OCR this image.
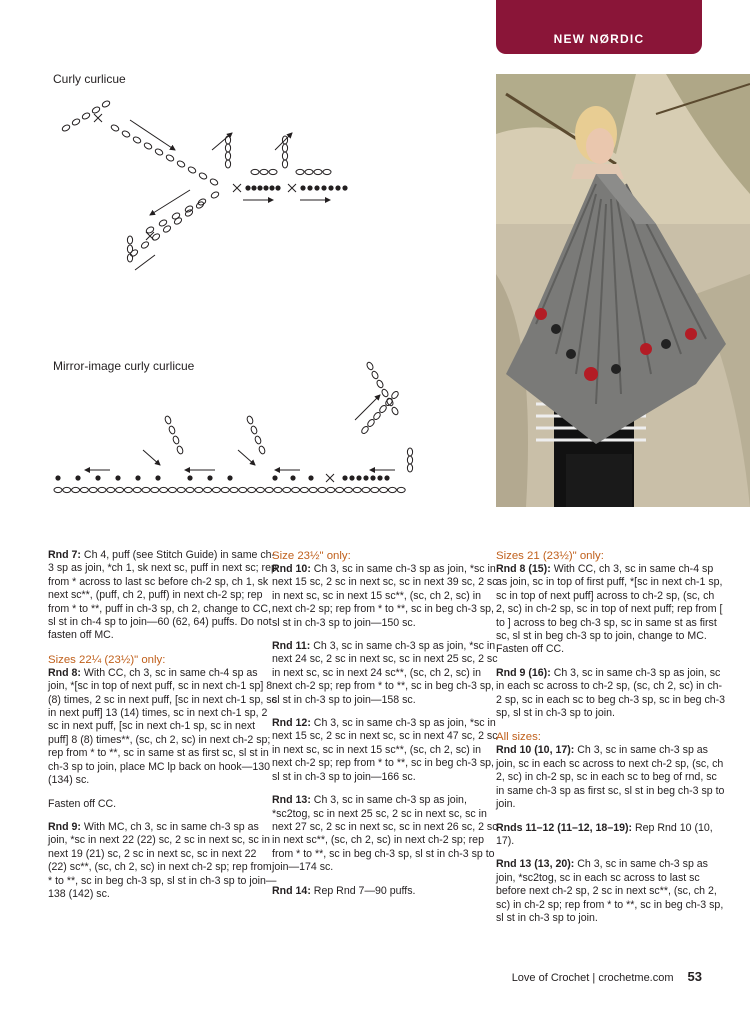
NEW NØRDIC
Curly curlicue
Mirror-image curly curlicue

Rnd 7: Ch 4, puff (see Stitch Guide) in same ch-3 sp as join, *ch 1, sk next sc, puff in next sc; rep from * across to last sc before ch-2 sp, ch 1, sk next sc**, (puff, ch 2, puff) in next ch-2 sp; rep from * to **, puff in ch-3 sp, ch 2, change to CC, sl st in ch-4 sp to join—60 (62, 64) puffs. Do not fasten off MC.

Sizes 22¼ (23½)" only:

Rnd 8: With CC, ch 3, sc in same ch-4 sp as join, *[sc in top of next puff, sc in next ch-1 sp] 8 (8) times, 2 sc in next puff, [sc in next ch-1 sp, sc in next puff] 13 (14) times, sc in next ch-1 sp, 2 sc in next puff, [sc in next ch-1 sp, sc in next puff] 8 (8) times**, (sc, ch 2, sc) in next ch-2 sp; rep from * to **, sc in same st as first sc, sl st in ch-3 sp to join, place MC lp back on hook—130 (134) sc.

Fasten off CC.

Rnd 9: With MC, ch 3, sc in same ch-3 sp as join, *sc in next 22 (22) sc, 2 sc in next sc, sc in next 19 (21) sc, 2 sc in next sc, sc in next 22 (22) sc**, (sc, ch 2, sc) in next ch-2 sp; rep from * to **, sc in beg ch-3 sp, sl st in ch-3 sp to join—138 (142) sc.

Size 23½" only:

Rnd 10: Ch 3, sc in same ch-3 sp as join, *sc in next 15 sc, 2 sc in next sc, sc in next 39 sc, 2 sc in next sc, sc in next 15 sc**, (sc, ch 2, sc) in next ch-2 sp; rep from * to **, sc in beg ch-3 sp, sl st in ch-3 sp to join—150 sc.

Rnd 11: Ch 3, sc in same ch-3 sp as join, *sc in next 24 sc, 2 sc in next sc, sc in next 25 sc, 2 sc in next sc, sc in next 24 sc**, (sc, ch 2, sc) in next ch-2 sp; rep from * to **, sc in beg ch-3 sp, sl st in ch-3 sp to join—158 sc.

Rnd 12: Ch 3, sc in same ch-3 sp as join, *sc in next 15 sc, 2 sc in next sc, sc in next 47 sc, 2 sc in next sc, sc in next 15 sc**, (sc, ch 2, sc) in next ch-2 sp; rep from * to **, sc in beg ch-3 sp, sl st in ch-3 sp to join—166 sc.

Rnd 13: Ch 3, sc in same ch-3 sp as join, *sc2tog, sc in next 25 sc, 2 sc in next sc, sc in next 27 sc, 2 sc in next sc, sc in next 26 sc, 2 sc in next sc**, (sc, ch 2, sc) in next ch-2 sp; rep from * to **, sc in beg ch-3 sp, sl st in ch-3 sp to join—174 sc.

Rnd 14: Rep Rnd 7—90 puffs.

Sizes 21 (23½)" only:

Rnd 8 (15): With CC, ch 3, sc in same ch-4 sp as join, sc in top of first puff, *[sc in next ch-1 sp, sc in top of next puff] across to ch-2 sp, (sc, ch 2, sc) in ch-2 sp, sc in top of next puff; rep from [ to ] across to beg ch-3 sp, sc in same st as first sc, sl st in beg ch-3 sp to join, change to MC. Fasten off CC.

Rnd 9 (16): Ch 3, sc in same ch-3 sp as join, sc in each sc across to ch-2 sp, (sc, ch 2, sc) in ch-2 sp, sc in each sc to beg ch-3 sp, sc in beg ch-3 sp, sl st in ch-3 sp to join.

All sizes:

Rnd 10 (10, 17): Ch 3, sc in same ch-3 sp as join, sc in each sc across to next ch-2 sp, (sc, ch 2, sc) in ch-2 sp, sc in each sc to beg of rnd, sc in same ch-3 sp as first sc, sl st in beg ch-3 sp to join.

Rnds 11–12 (11–12, 18–19): Rep Rnd 10 (10, 17).

Rnd 13 (13, 20): Ch 3, sc in same ch-3 sp as join, *sc2tog, sc in each sc across to last sc before next ch-2 sp, 2 sc in next sc**, (sc, ch 2, sc) in ch-2 sp; rep from * to **, sc in beg ch-3 sp, sl st in ch-3 sp to join.

Love of Crochet | crochetme.com 53
